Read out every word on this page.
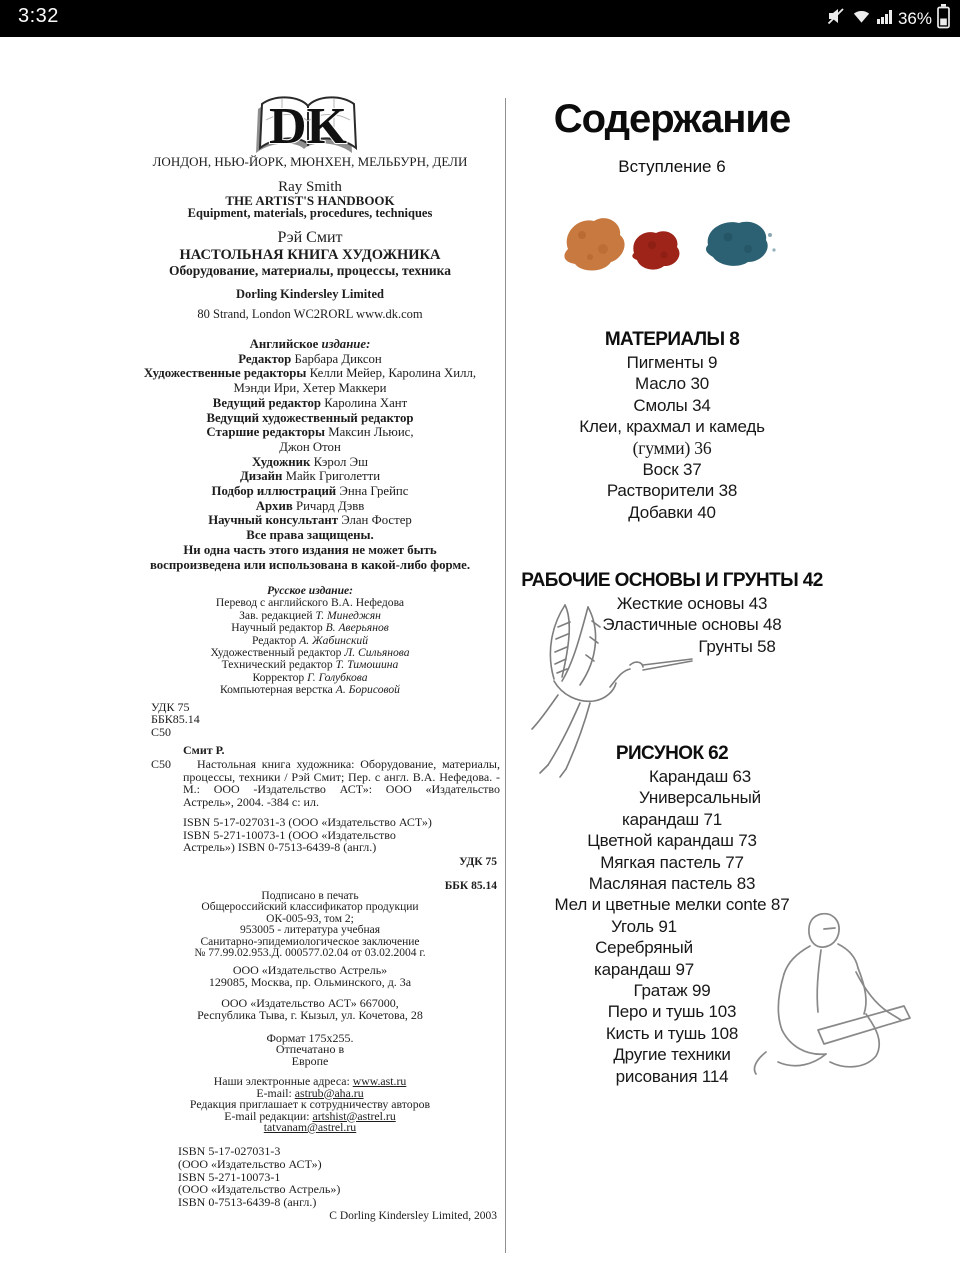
3:32	36%
DK
ЛОНДОН, НЬЮ-ЙОРК, МЮНХЕН, МЕЛЬБУРН, ДЕЛИ
Ray Smith
THE ARTIST'S HANDBOOK
Equipment, materials, procedures, techniques
Рэй Смит
НАСТОЛЬНАЯ КНИГА ХУДОЖНИКА
Оборудование, материалы, процессы, техника
Dorling Kindersley Limited
80 Strand, London WC2RORL www.dk.com
Английское издание:
Редактор Барбара Диксон
Художественные редакторы Келли Мейер, Каролина Хилл,
Мэнди Ири, Хетер Маккери
Ведущий редактор Каролина Хант
Ведущий художественный редактор
Старшие редакторы Максин Льюис,
Джон Отон
Художник Кэрол Эш
Дизайн Майк Григолетти
Подбор иллюстраций Энна Грейпс
Архив Ричард Дэвв
Научный консультант Элан Фостер
Все права защищены.
Ни одна часть этого издания не может быть
воспроизведена или использована в какой-либо форме.
Русское издание:
Перевод с английского В.А. Нефедова
Зав. редакцией Т. Минеджян
Научный редактор В. Аверьянов
Редактор А. Жабинский
Художественный редактор Л. Сильянова
Технический редактор Т. Тимошина
Корректор Г. Голубкова
Компьютерная верстка А. Борисовой
УДК 75
ББК85.14
С50
Смит Р.
С50	Настольная книга художника: Оборудование, материалы, процессы, техники / Рэй Смит; Пер. с англ. В.А. Нефедова. - М.: ООО -Издательство АСТ»: ООО «Издательство Астрель», 2004. -384 с: ил.
ISBN 5-17-027031-3 (ООО «Издательство АСТ»)
ISBN 5-271-10073-1 (ООО «Издательство
Астрель») ISBN 0-7513-6439-8 (англ.)
УДК 75
ББК 85.14
Подписано в печать
Общероссийский классификатор продукции
ОК-005-93, том 2;
953005 - литература учебная
Санитарно-эпидемиологическое заключение
№ 77.99.02.953.Д. 000577.02.04 от 03.02.2004 г.
ООО «Издательство Астрель»
129085, Москва, пр. Ольминского, д. 3а
ООО «Издательство АСТ» 667000,
Республика Тыва, г. Кызыл, ул. Кочетова, 28
Формат 175х255.
Отпечатано в
Европе
Наши электронные адреса: www.ast.ru
E-mail: astrub@aha.ru
Редакция приглашает к сотрудничеству авторов
E-mail редакции: artshist@astrel.ru
tatvanam@astrel.ru
ISBN 5-17-027031-3
(ООО «Издательство АСТ»)
ISBN 5-271-10073-1
(ООО «Издательство Астрель»)
ISBN 0-7513-6439-8 (англ.)
C Dorling Kindersley Limited, 2003
Содержание
Вступление 6
МАТЕРИАЛЫ 8
Пигменты 9
Масло 30
Смолы 34
Клеи, крахмал и камедь
(гумми) 36
Воск 37
Растворители 38
Добавки 40
РАБОЧИЕ ОСНОВЫ И ГРУНТЫ 42
Жесткие основы 43
Эластичные основы 48
Грунты 58
РИСУНОК 62
Карандаш 63
Универсальный
карандаш 71
Цветной карандаш 73
Мягкая пастель 77
Масляная пастель 83
Мел и цветные мелки conte 87
Уголь 91
Серебряный
карандаш 97
Гратаж 99
Перо и тушь 103
Кисть и тушь 108
Другие техники
рисования 114
